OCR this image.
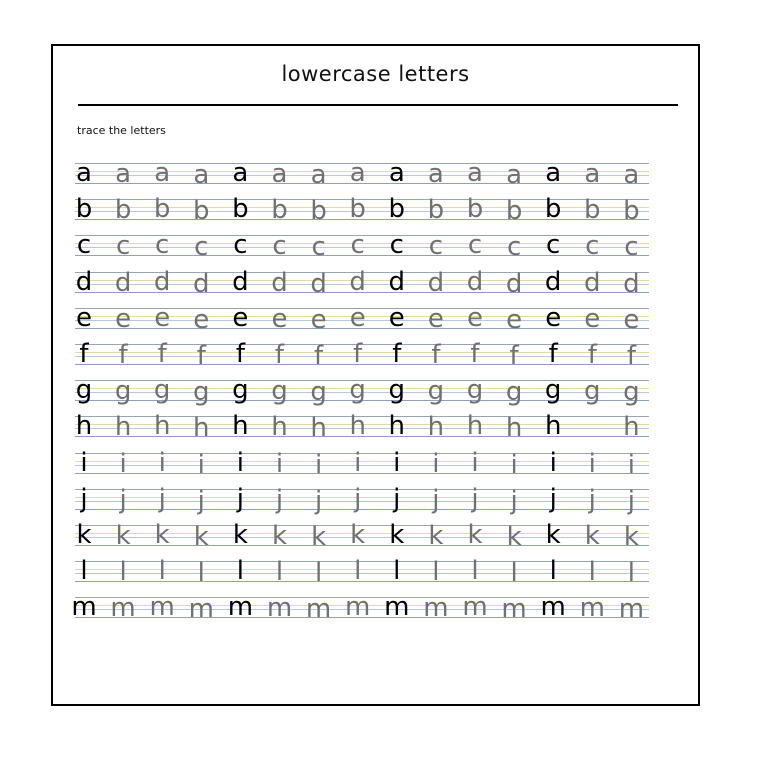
lowercase letters
trace the letters
a a a a a a a a a a a a a a a
b b b b b b b b b b b b b b b
c c c c c c c c c c c c c c c
d d d d d d d d d d d d d d d
e e e e e e e e e e e e e e e
f	f	f	f	f	f	f	f	f	f	f	f	f	f	f
g g g g g g g g g g g g g g g
h h h h h h h h h h h h h	h
i	i	i	i	i	i	i	i	i	i	i	i	i	i	i
j	j	j	j	j	j	j	j	j	j	j	j	j	j	j
k k k k k k k k k k k k k k k
l	l	l	l	l	l	l	l	l	l	l	l	l	l	l
m m m m m m m m m m m m m m m
